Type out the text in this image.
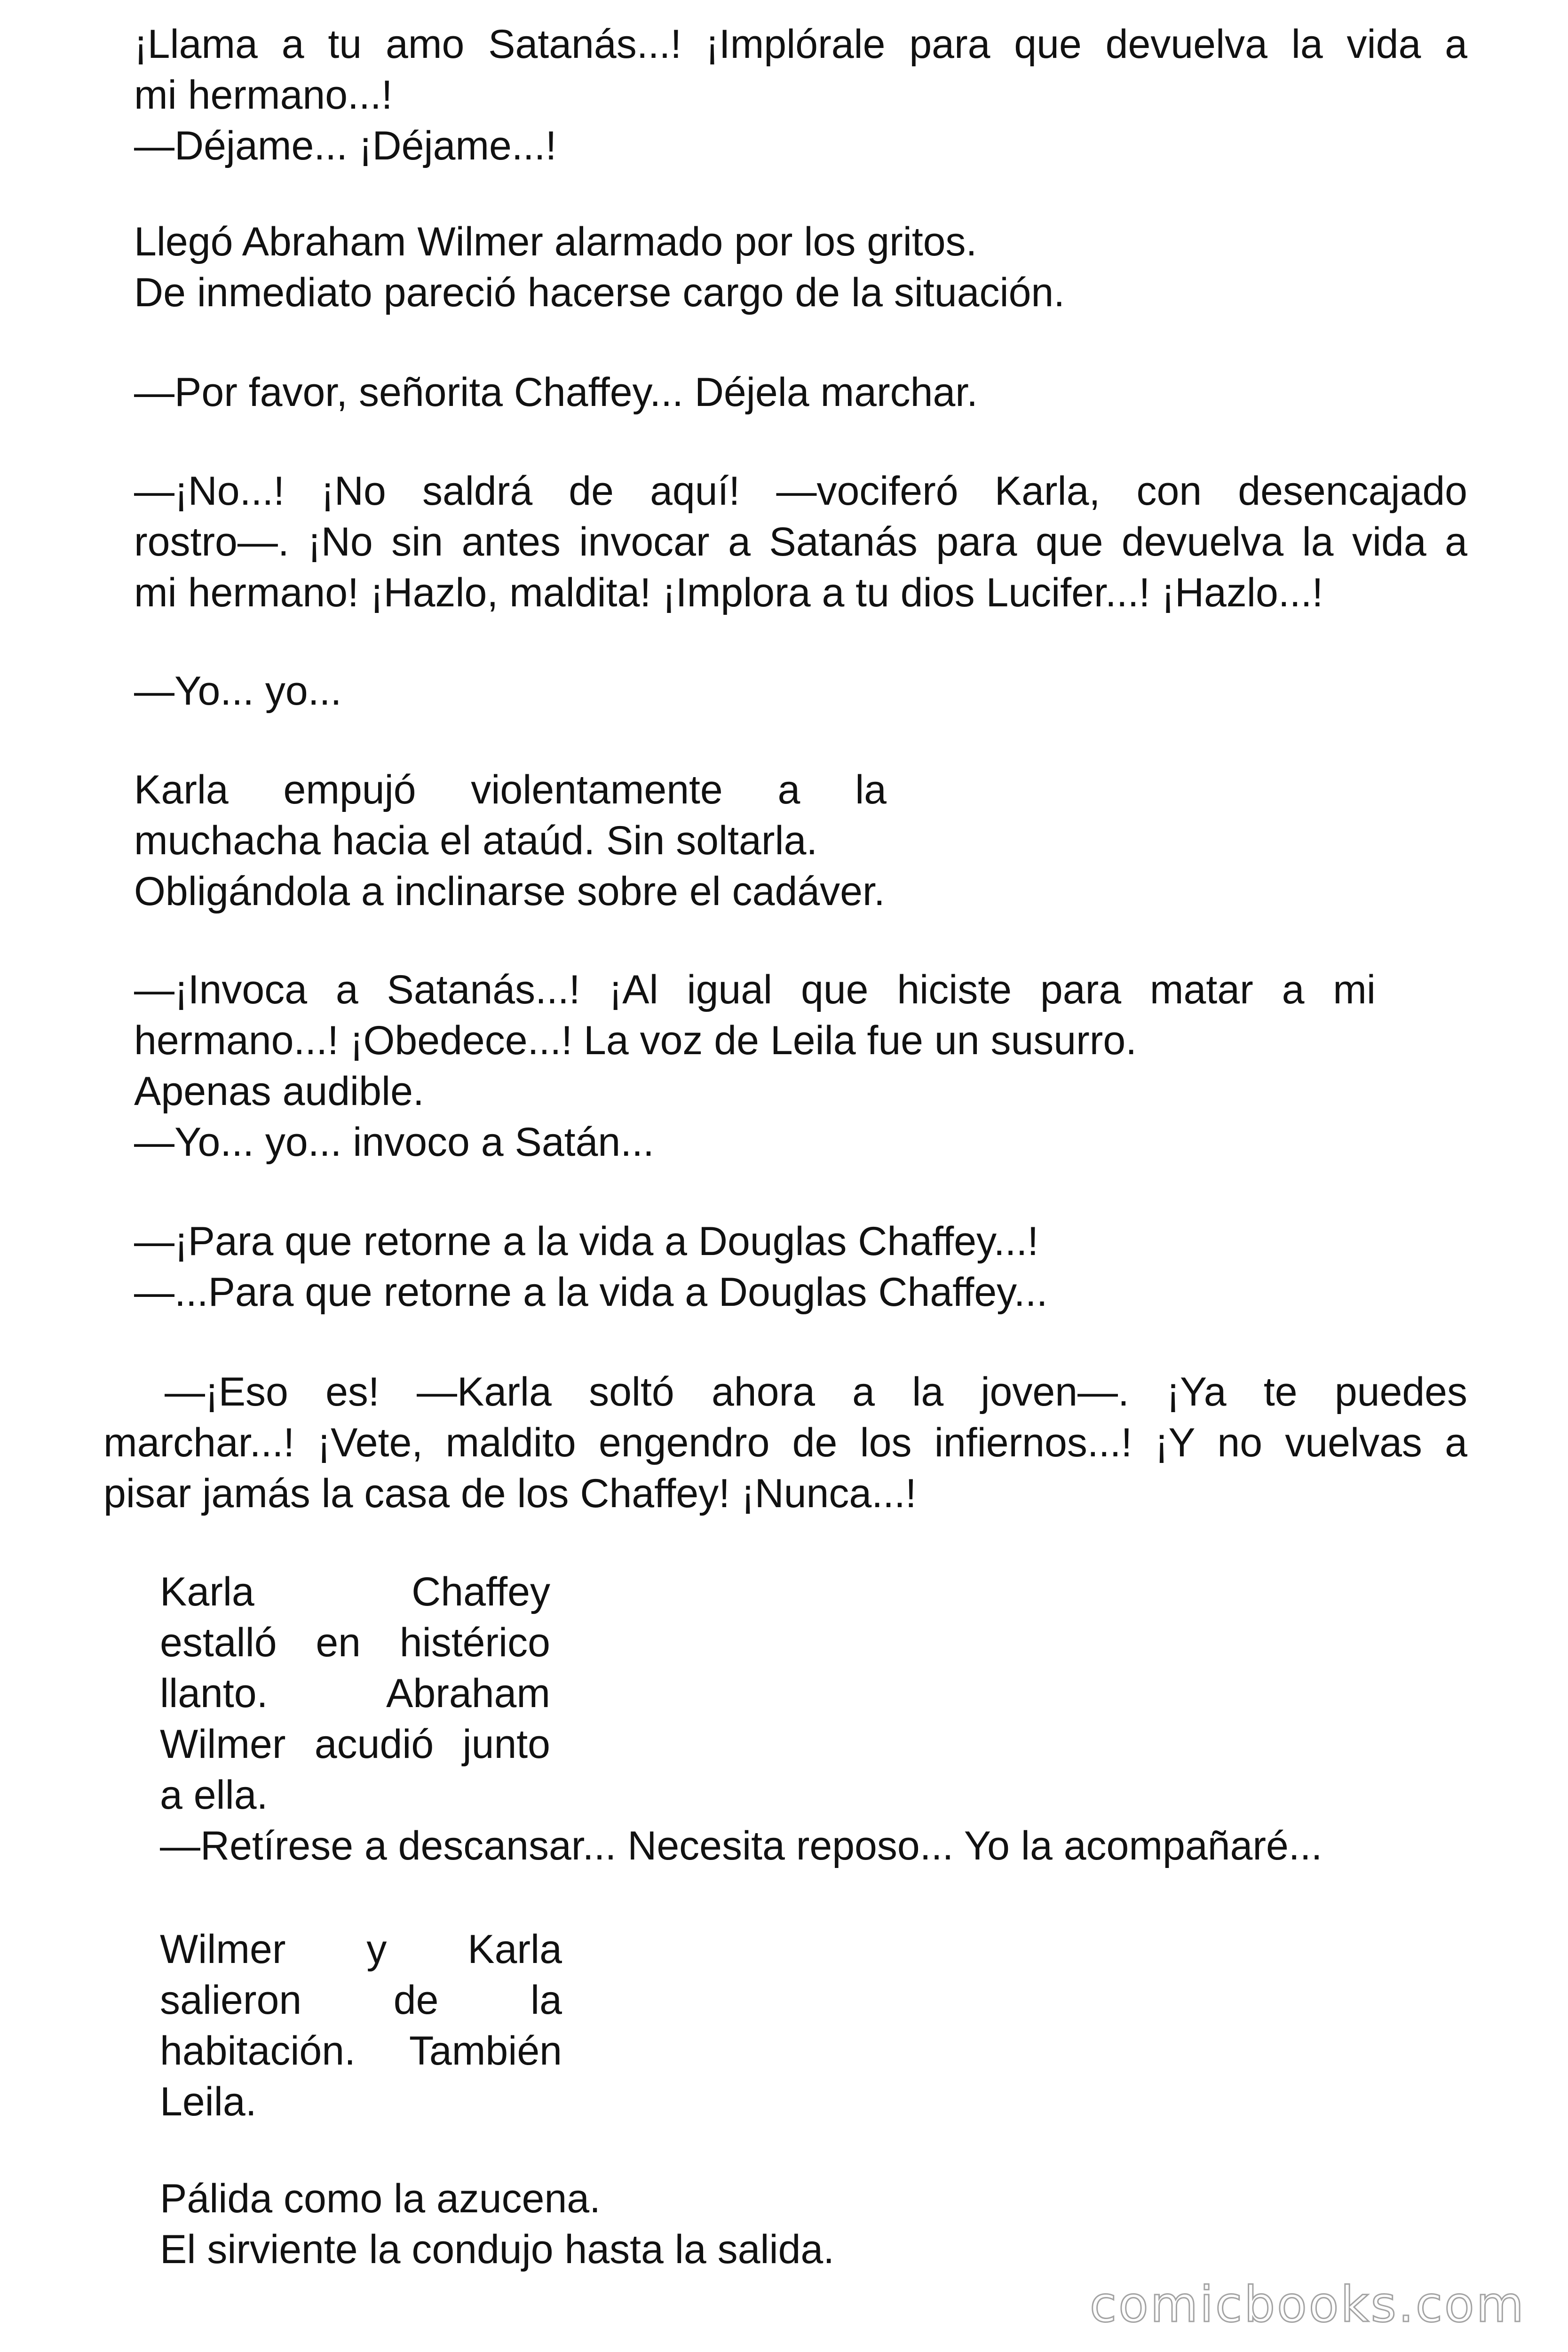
¡Llama a tu amo Satanás...! ¡Implórale para que devuelva la vida a
mi hermano...!
—Déjame... ¡Déjame...!
Llegó Abraham Wilmer alarmado por los gritos.
De inmediato pareció hacerse cargo de la situación.
—Por favor, señorita Chaffey... Déjela marchar.
—¡No...! ¡No saldrá de aquí! —vociferó Karla, con desencajado
rostro—. ¡No sin antes invocar a Satanás para que devuelva la vida a
mi hermano! ¡Hazlo, maldita! ¡Implora a tu dios Lucifer...! ¡Hazlo...!
—Yo... yo...
Karla empujó violentamente a la
muchacha hacia el ataúd. Sin soltarla.
Obligándola a inclinarse sobre el cadáver.
—¡Invoca a Satanás...! ¡Al igual que hiciste para matar a mi
hermano...! ¡Obedece...! La voz de Leila fue un susurro.
Apenas audible.
—Yo... yo... invoco a Satán...
—¡Para que retorne a la vida a Douglas Chaffey...!
—...Para que retorne a la vida a Douglas Chaffey...
—¡Eso es! —Karla soltó ahora a la joven—. ¡Ya te puedes
marchar...! ¡Vete, maldito engendro de los infiernos...! ¡Y no vuelvas a
pisar jamás la casa de los Chaffey! ¡Nunca...!
Karla Chaffey
estalló en histérico
llanto. Abraham
Wilmer acudió junto
a ella.
—Retírese a descansar... Necesita reposo... Yo la acompañaré...
Wilmer y Karla
salieron de la
habitación. También
Leila.
Pálida como la azucena.
El sirviente la condujo hasta la salida.
comicbooks.com
